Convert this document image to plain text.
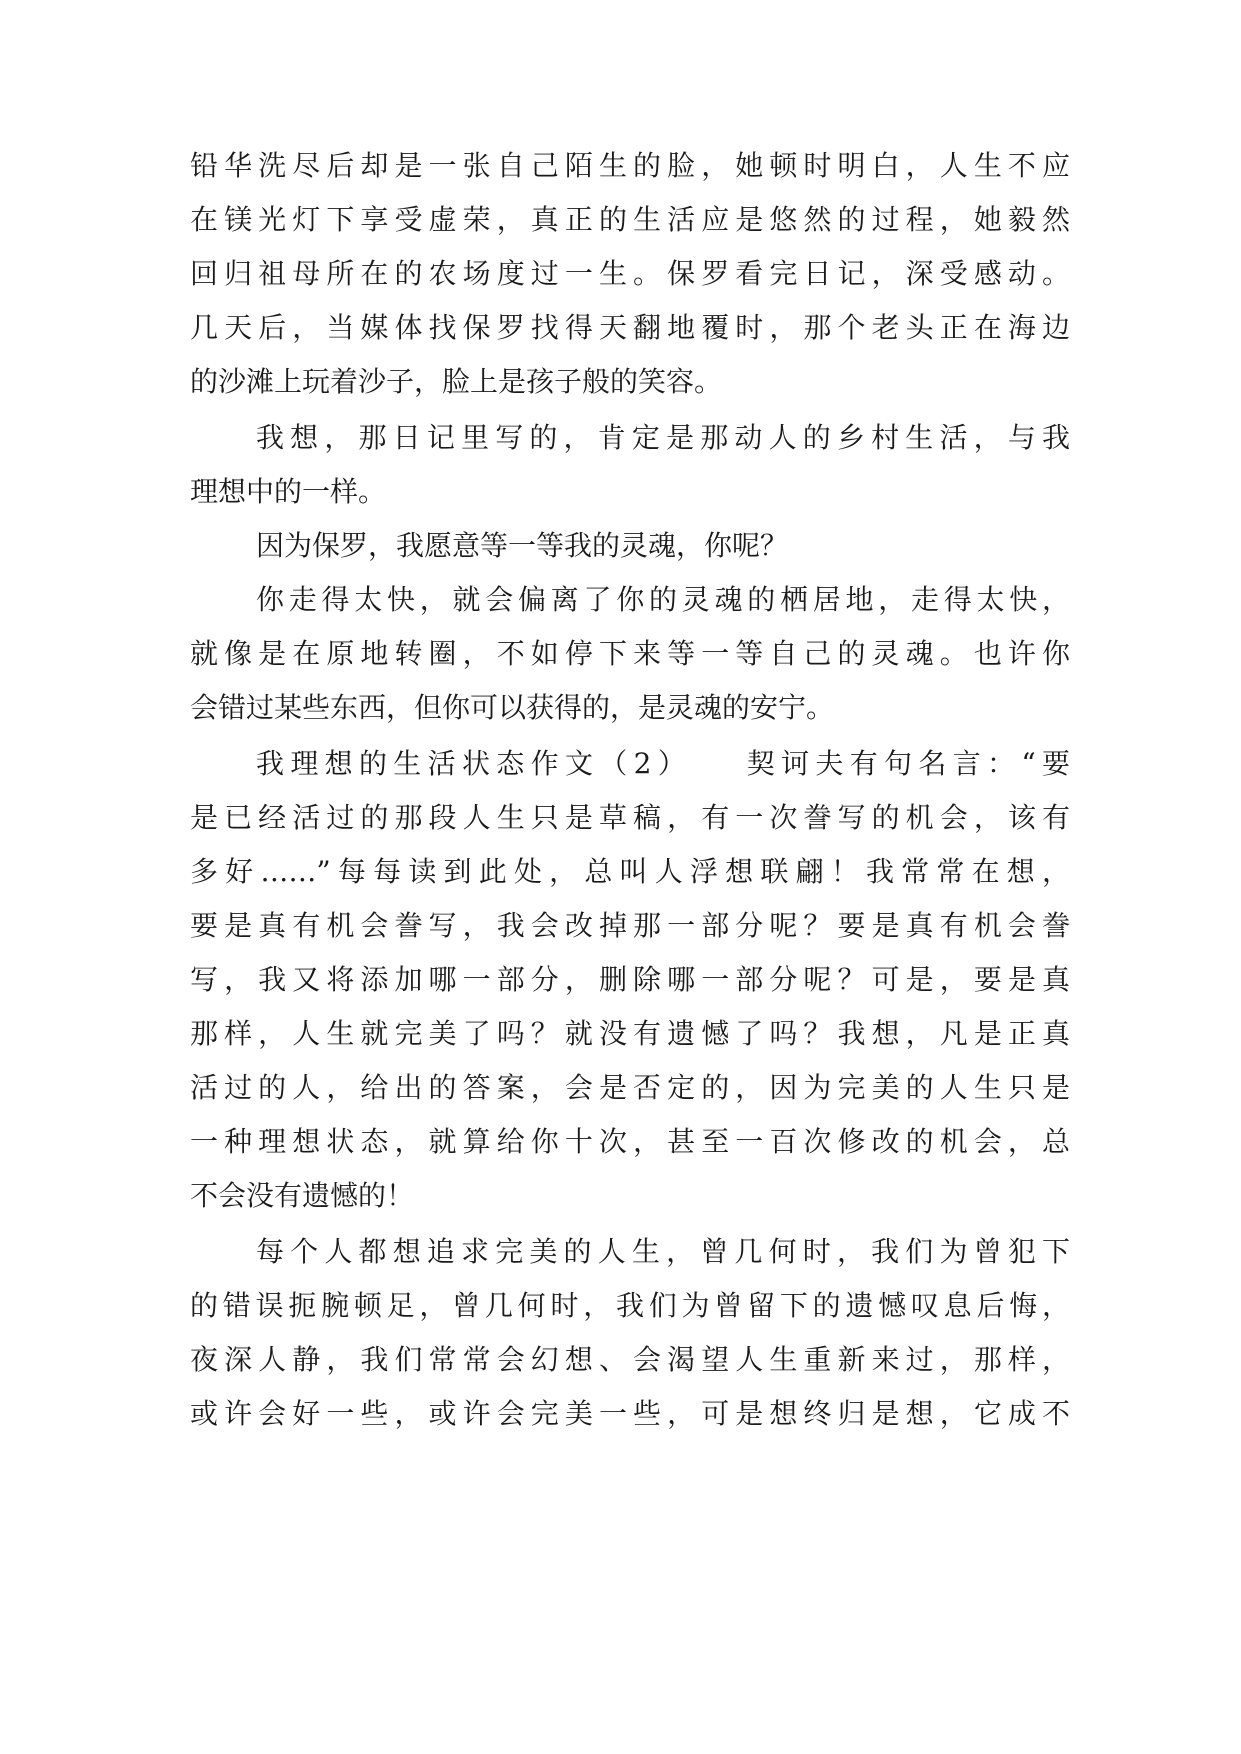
铅华洗尽后却是一张自己陌生的脸，她顿时明白，人生不应
在镁光灯下享受虚荣，真正的生活应是悠然的过程，她毅然
回归祖母所在的农场度过一生。保罗看完日记，深受感动。
几天后，当媒体找保罗找得天翻地覆时，那个老头正在海边
的沙滩上玩着沙子，脸上是孩子般的笑容。
我想，那日记里写的，肯定是那动人的乡村生活，与我
理想中的一样。
因为保罗，我愿意等一等我的灵魂，你呢？
你走得太快，就会偏离了你的灵魂的栖居地，走得太快，
就像是在原地转圈，不如停下来等一等自己的灵魂。也许你
会错过某些东西，但你可以获得的，是灵魂的安宁。
我理想的生活状态作文（2）　　契诃夫有句名言：“要
是已经活过的那段人生只是草稿，有一次誊写的机会，该有
多好……”每每读到此处，总叫人浮想联翩！我常常在想，
要是真有机会誊写，我会改掉那一部分呢？要是真有机会誊
写，我又将添加哪一部分，删除哪一部分呢？可是，要是真
那样，人生就完美了吗？就没有遗憾了吗？我想，凡是正真
活过的人，给出的答案，会是否定的，因为完美的人生只是
一种理想状态，就算给你十次，甚至一百次修改的机会，总
不会没有遗憾的！
每个人都想追求完美的人生，曾几何时，我们为曾犯下
的错误扼腕顿足，曾几何时，我们为曾留下的遗憾叹息后悔，
夜深人静，我们常常会幻想、会渴望人生重新来过，那样，
或许会好一些，或许会完美一些，可是想终归是想，它成不
